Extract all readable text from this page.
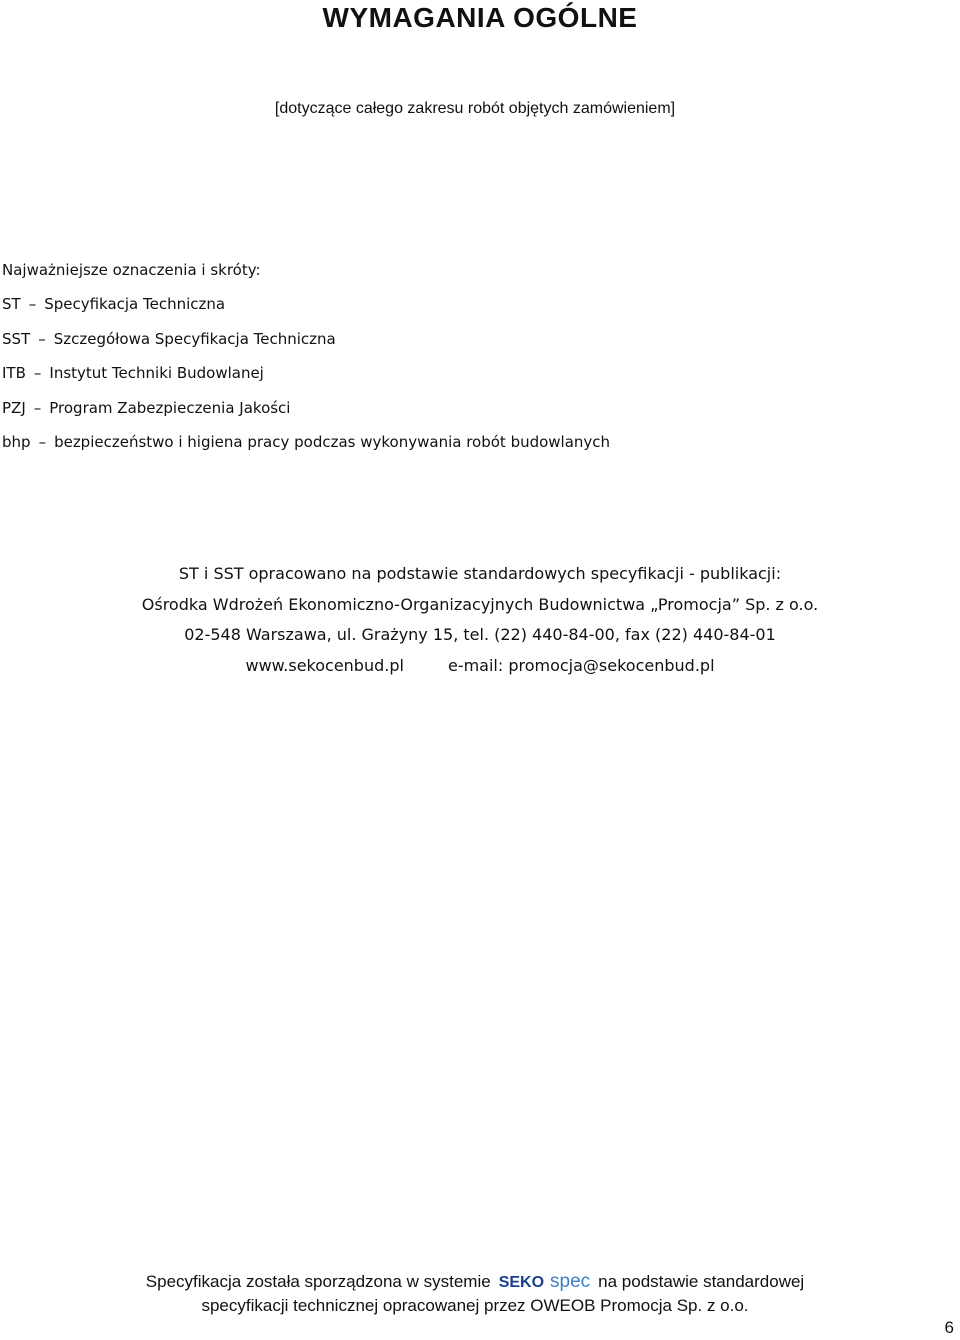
WYMAGANIA OGÓLNE
[dotyczące całego zakresu robót objętych zamówieniem]
Najważniejsze oznaczenia i skróty:
ST – Specyfikacja Techniczna
SST – Szczegółowa Specyfikacja Techniczna
ITB – Instytut Techniki Budowlanej
PZJ – Program Zabezpieczenia Jakości
bhp – bezpieczeństwo i higiena pracy podczas wykonywania robót budowlanych
ST i SST opracowano na podstawie standardowych specyfikacji - publikacji:
Ośrodka Wdrożeń Ekonomiczno-Organizacyjnych Budownictwa „Promocja” Sp. z o.o.
02-548 Warszawa, ul. Grażyny 15, tel. (22) 440-84-00, fax (22) 440-84-01
www.sekocenbud.pl	e-mail: promocja@sekocenbud.pl
Specyfikacja została sporządzona w systemie SEKO spec na podstawie standardowej
specyfikacji technicznej opracowanej przez OWEOB Promocja Sp. z o.o.
6
